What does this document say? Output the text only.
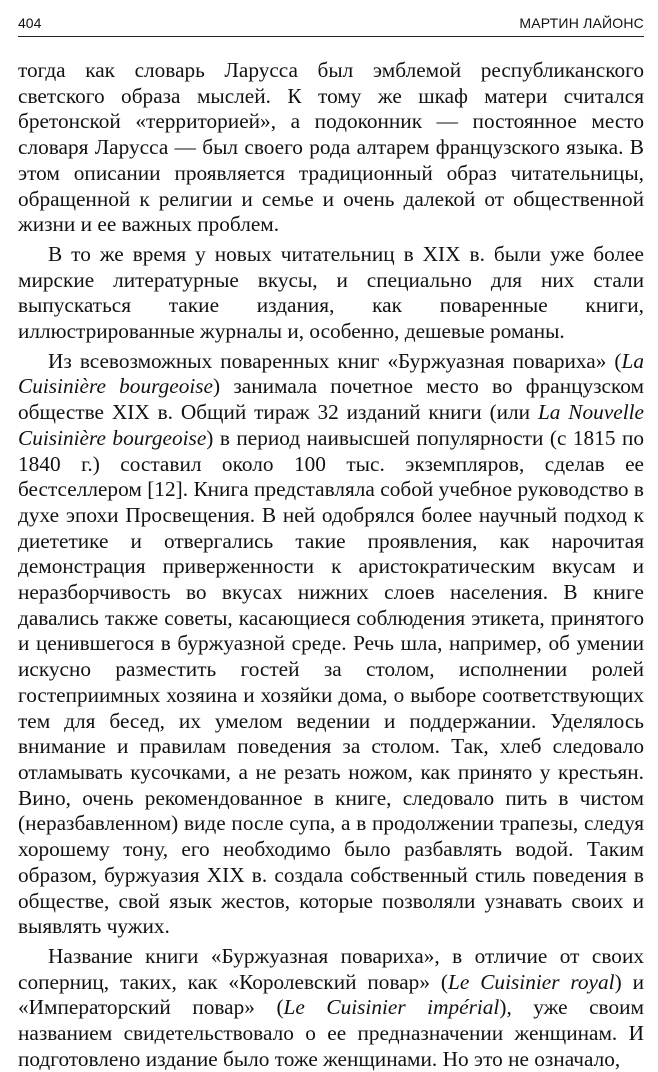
404	МАРТИН ЛАЙОНС

тогда как словарь Ларусса был эмблемой республиканского светского образа мыслей. К тому же шкаф матери считался бретонской «территорией», а подоконник — постоянное место словаря Ларусса — был своего рода алтарем французского языка. В этом описании проявляется традиционный образ читательницы, обращенной к религии и семье и очень далекой от общественной жизни и ее важных проблем.

В то же время у новых читательниц в XIX в. были уже более мирские литературные вкусы, и специально для них стали выпускаться такие издания, как поваренные книги, иллюстрированные журналы и, особенно, дешевые романы.

Из всевозможных поваренных книг «Буржуазная повариха» (La Cuisinière bourgeoise) занимала почетное место во французском обществе XIX в. Общий тираж 32 изданий книги (или La Nouvelle Cuisinière bourgeoise) в период наивысшей популярности (с 1815 по 1840 г.) составил около 100 тыс. экземпляров, сделав ее бестселлером [12]. Книга представляла собой учебное руководство в духе эпохи Просвещения. В ней одобрялся более научный подход к диететике и отвергались такие проявления, как нарочитая демонстрация приверженности к аристократическим вкусам и неразборчивость во вкусах нижних слоев населения. В книге давались также советы, касающиеся соблюдения этикета, принятого и ценившегося в буржуазной среде. Речь шла, например, об умении искусно разместить гостей за столом, исполнении ролей гостеприимных хозяина и хозяйки дома, о выборе соответствующих тем для бесед, их умелом ведении и поддержании. Уделялось внимание и правилам поведения за столом. Так, хлеб следовало отламывать кусочками, а не резать ножом, как принято у крестьян. Вино, очень рекомендованное в книге, следовало пить в чистом (неразбавленном) виде после супа, а в продолжении трапезы, следуя хорошему тону, его необходимо было разбавлять водой. Таким образом, буржуазия XIX в. создала собственный стиль поведения в обществе, свой язык жестов, которые позволяли узнавать своих и выявлять чужих.

Название книги «Буржуазная повариха», в отличие от своих соперниц, таких, как «Королевский повар» (Le Cuisinier royal) и «Императорский повар» (Le Cuisinier impérial), уже своим названием свидетельствовало о ее предназначении женщинам. И подготовлено издание было тоже женщинами. Но это не означало,
